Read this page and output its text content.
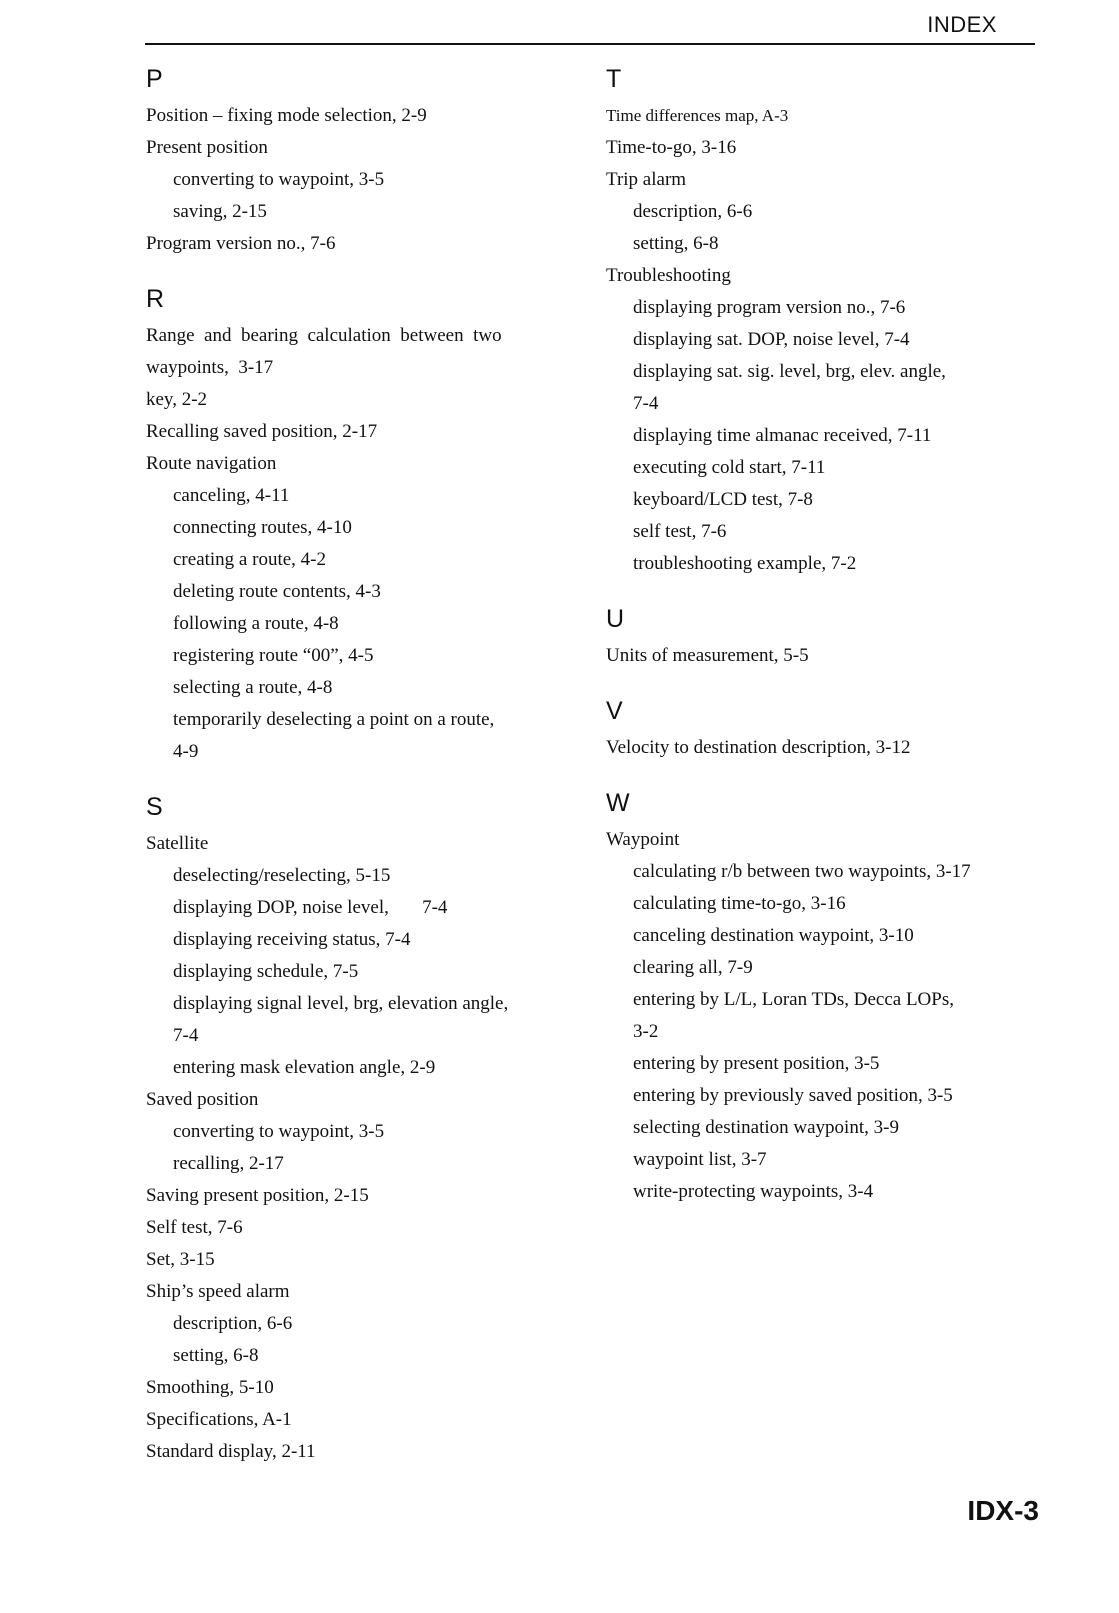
INDEX
P
Position – fixing mode selection, 2-9
Present position
converting to waypoint, 3-5
saving, 2-15
Program version no., 7-6
R
Range  and  bearing  calculation  between  two
waypoints,  3-17
key, 2-2
Recalling saved position, 2-17
Route navigation
canceling, 4-11
connecting routes, 4-10
creating a route, 4-2
deleting route contents, 4-3
following a route, 4-8
registering route “00”, 4-5
selecting a route, 4-8
temporarily deselecting a point on a route,
4-9
S
Satellite
deselecting/reselecting, 5-15
displaying DOP, noise level,       7-4
displaying receiving status, 7-4
displaying schedule, 7-5
displaying signal level, brg, elevation angle,
7-4
entering mask elevation angle, 2-9
Saved position
converting to waypoint, 3-5
recalling, 2-17
Saving present position, 2-15
Self test, 7-6
Set, 3-15
Ship’s speed alarm
description, 6-6
setting, 6-8
Smoothing, 5-10
Specifications, A-1
Standard display, 2-11
T
Time differences map, A-3
Time-to-go, 3-16
Trip alarm
description, 6-6
setting, 6-8
Troubleshooting
displaying program version no., 7-6
displaying sat. DOP, noise level, 7-4
displaying sat. sig. level, brg, elev. angle,
7-4
displaying time almanac received, 7-11
executing cold start, 7-11
keyboard/LCD test, 7-8
self test, 7-6
troubleshooting example, 7-2
U
Units of measurement, 5-5
V
Velocity to destination description, 3-12
W
Waypoint
calculating r/b between two waypoints, 3-17
calculating time-to-go, 3-16
canceling destination waypoint, 3-10
clearing all, 7-9
entering by L/L, Loran TDs, Decca LOPs,
3-2
entering by present position, 3-5
entering by previously saved position, 3-5
selecting destination waypoint, 3-9
waypoint list, 3-7
write-protecting waypoints, 3-4
IDX-3
